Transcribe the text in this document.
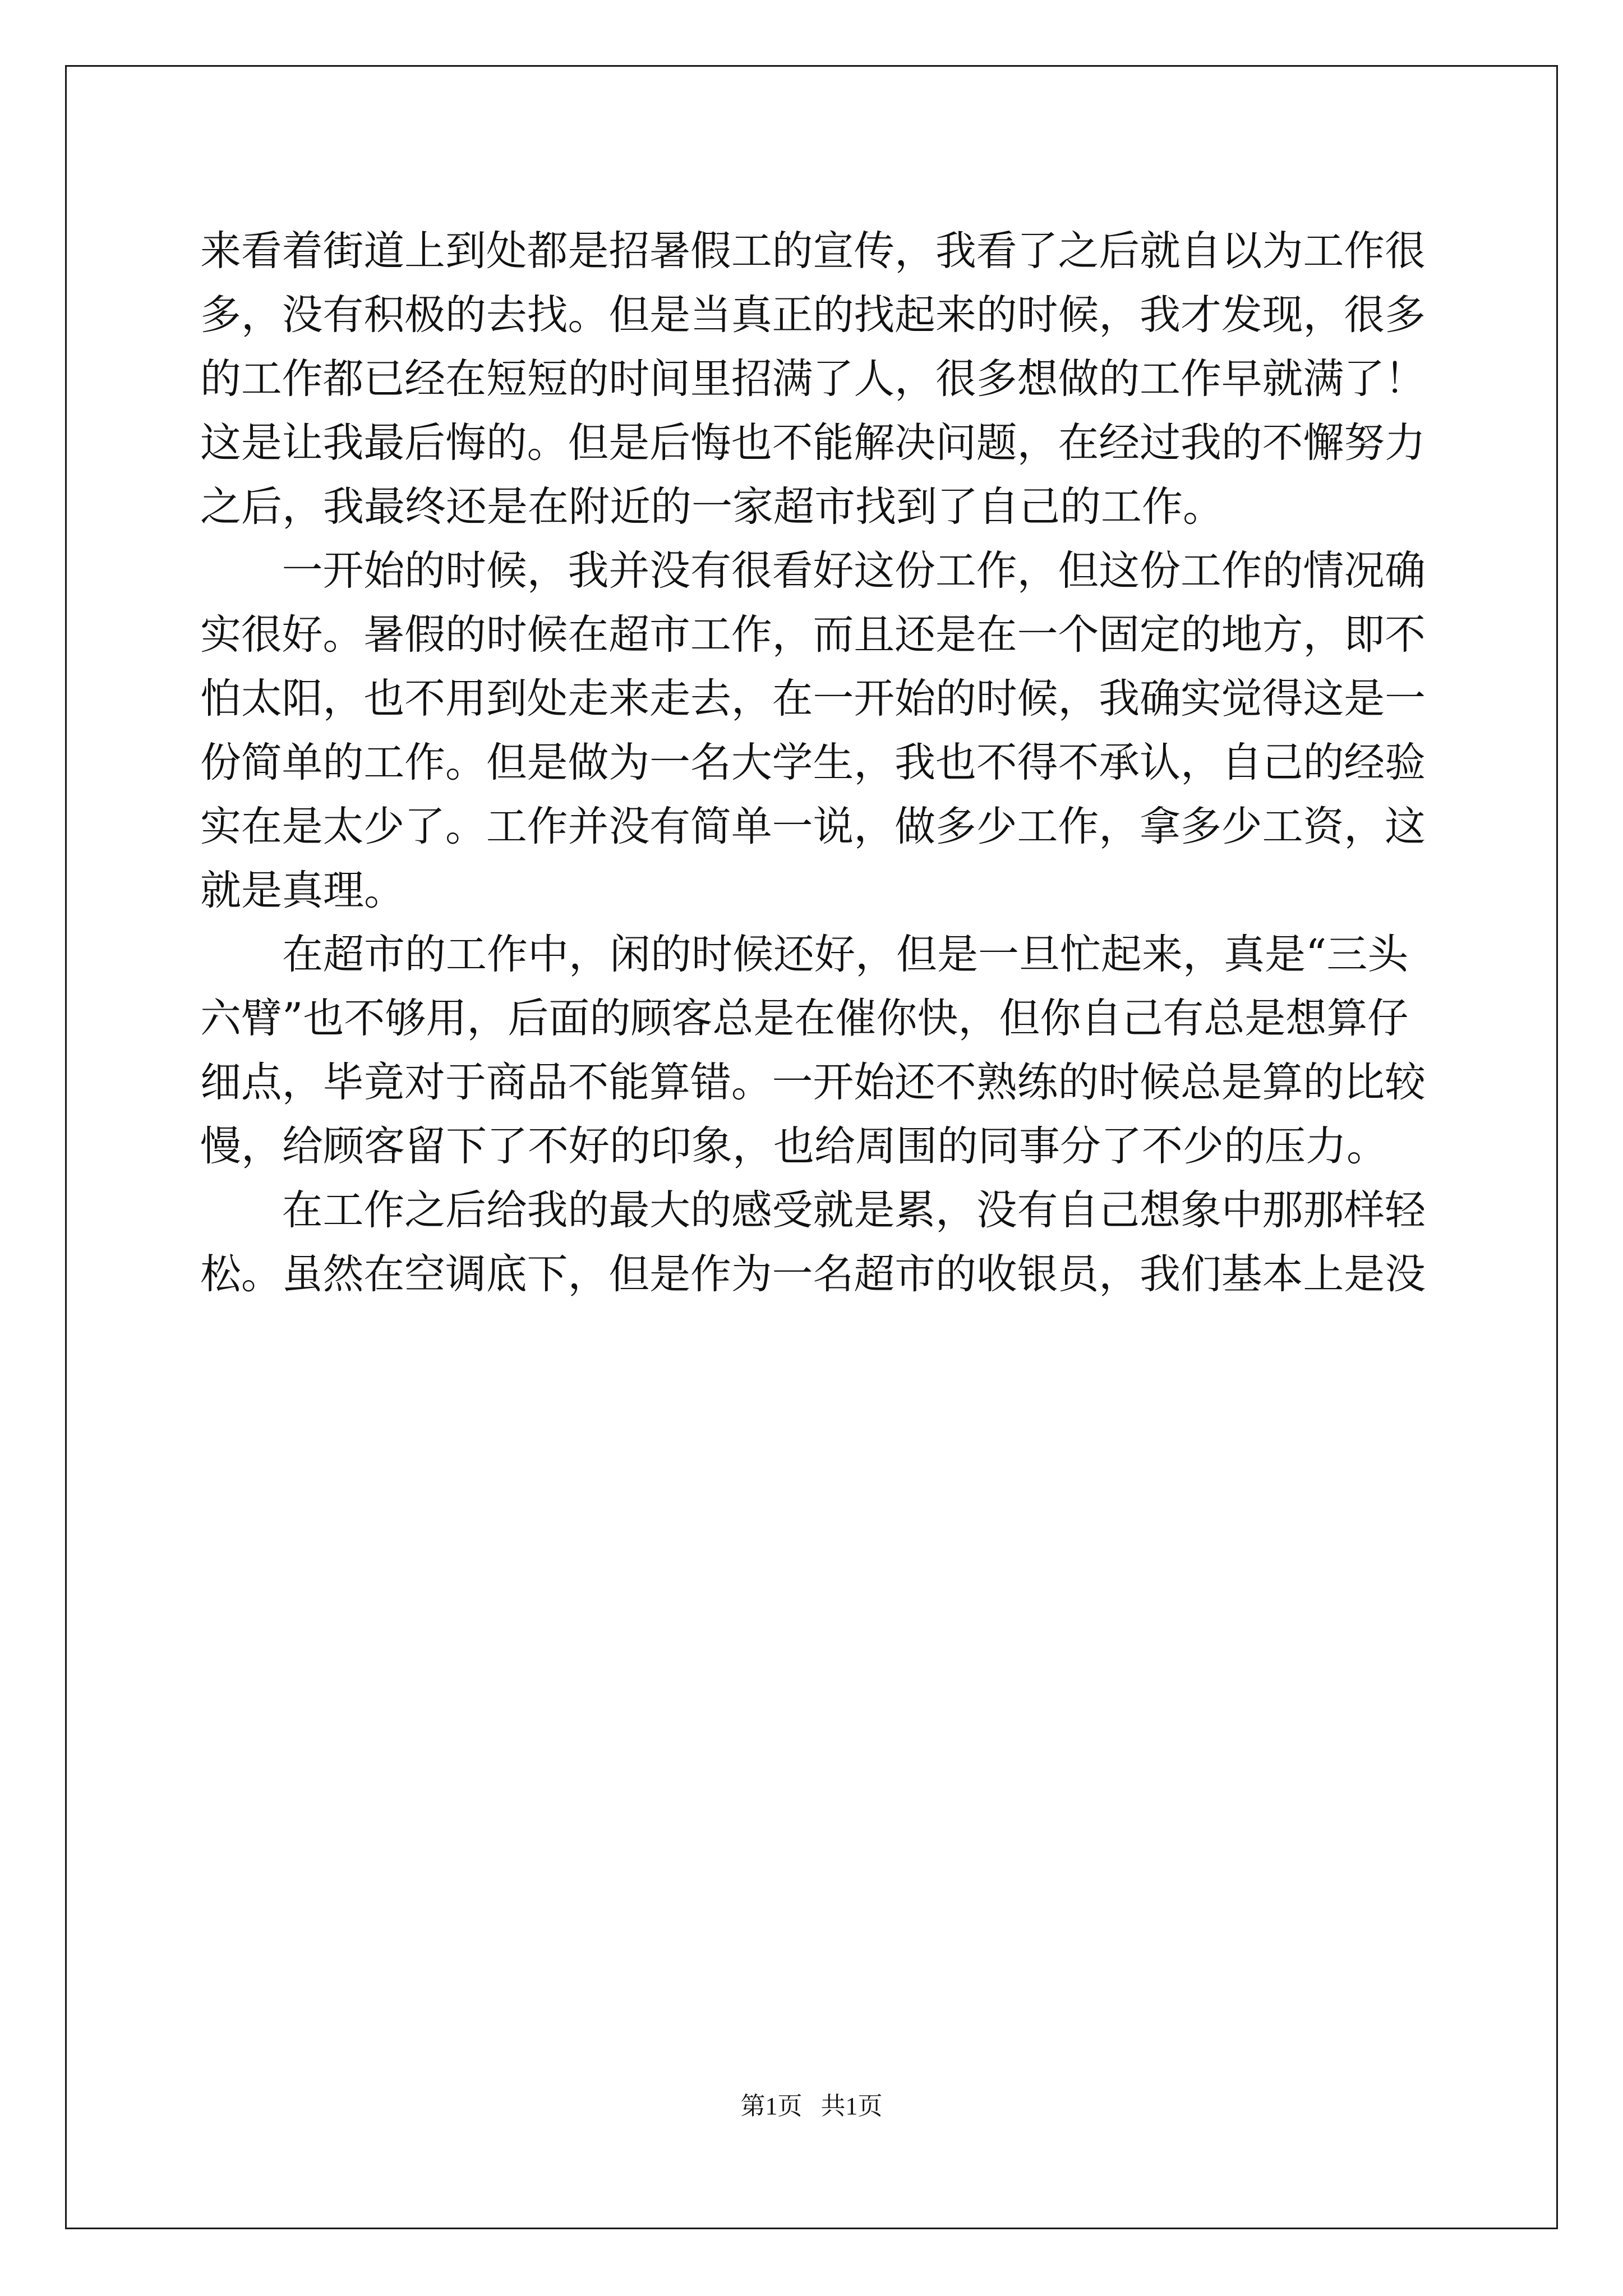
来看着街道上到处都是招暑假工的宣传，我看了之后就自以为工作很
多，没有积极的去找。但是当真正的找起来的时候，我才发现，很多
的工作都已经在短短的时间里招满了人，很多想做的工作早就满了！
这是让我最后悔的。但是后悔也不能解决问题，在经过我的不懈努力
之后，我最终还是在附近的一家超市找到了自己的工作。
　　一开始的时候，我并没有很看好这份工作，但这份工作的情况确
实很好。暑假的时候在超市工作，而且还是在一个固定的地方，即不
怕太阳，也不用到处走来走去，在一开始的时候，我确实觉得这是一
份简单的工作。但是做为一名大学生，我也不得不承认，自己的经验
实在是太少了。工作并没有简单一说，做多少工作，拿多少工资，这
就是真理。
　　在超市的工作中，闲的时候还好，但是一旦忙起来，真是“三头
六臂”也不够用，后面的顾客总是在催你快，但你自己有总是想算仔
细点，毕竟对于商品不能算错。一开始还不熟练的时候总是算的比较
慢，给顾客留下了不好的印象，也给周围的同事分了不少的压力。
　　在工作之后给我的最大的感受就是累，没有自己想象中那那样轻
松。虽然在空调底下，但是作为一名超市的收银员，我们基本上是没
第1页   共1页
